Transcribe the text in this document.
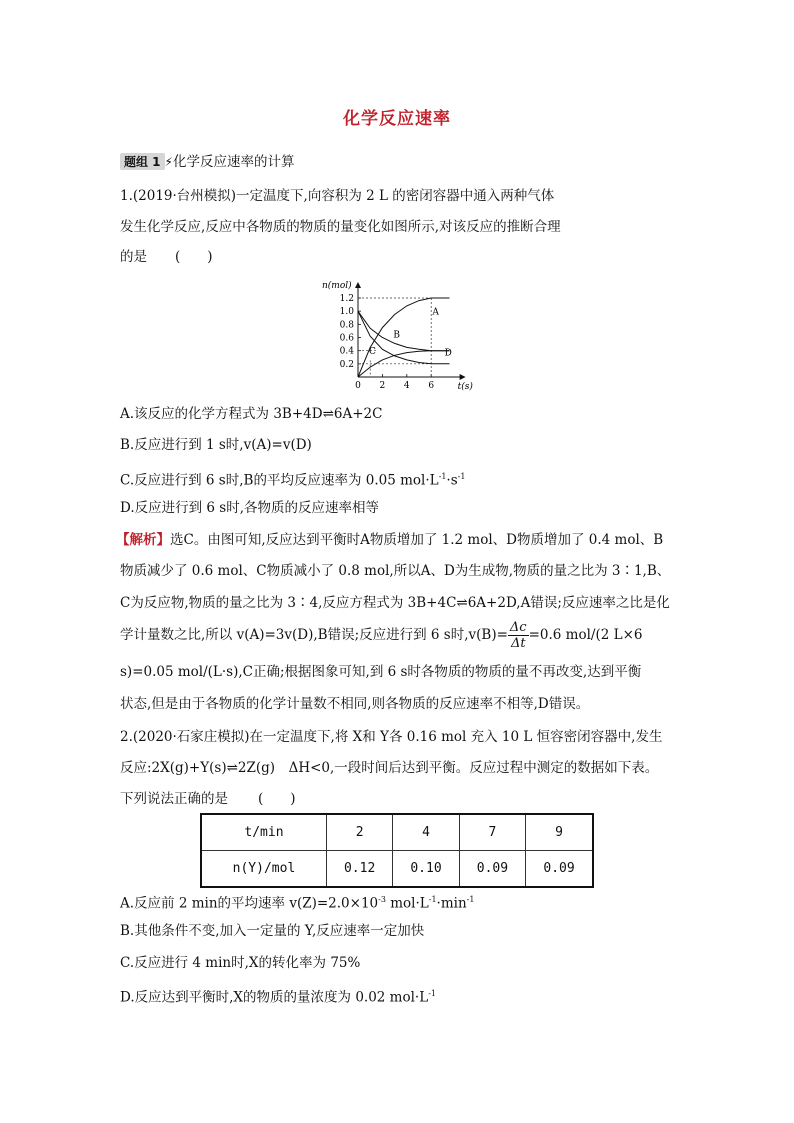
化学反应速率
题组 1 ⚡化学反应速率的计算
1.(2019·台州模拟)一定温度下,向容积为 2 L 的密闭容器中通入两种气体
发生化学反应,反应中各物质的物质的量变化如图所示,对该反应的推断合理
的是 (　　)
n(mol)
t(s)
0.2
0.4
0.6
0.8
1.0
1.2
0 2 4 6
A
B
C	D
A.该反应的化学方程式为 3B+4D⇌6A+2C
B.反应进行到 1 s时,v(A)=v(D)
C.反应进行到 6 s时,B的平均反应速率为 0.05 $mol\cdot L^{-1}\cdot s^{-1}$
D.反应进行到 6 s时,各物质的反应速率相等
【解析】选C。由图可知,反应达到平衡时A物质增加了 1.2 mol、D物质增加了 0.4 mol、B
物质减少了 0.6 mol、C物质减小了 0.8 mol,所以A、D为生成物,物质的量之比为 3∶1,B、
C为反应物,物质的量之比为 3∶4,反应方程式为 3B+4C⇌6A+2D,A错误;反应速率之比是化
学计量数之比,所以 v(A)=3v(D),B错误;反应进行到 6 s时$,v(B)= \frac{\Delta c}{\Delta t} =0.6$ mol/(2 L×6
s)=0.05 mol/(L·s),C正确;根据图象可知,到 6 s时各物质的物质的量不再改变,达到平衡
状态,但是由于各物质的化学计量数不相同,则各物质的反应速率不相等,D错误。
2.(2020·石家庄模拟)在一定温度下,将 X和 Y各 0.16 mol 充入 10 L 恒容密闭容器中,发生
反应:2X(g)+Y(s)⇌2Z(g)　ΔH<0,一段时间后达到平衡。反应过程中测定的数据如下表。
下列说法正确的是 (　　)
t/min	2	4	7	9
n(Y)/mol	0.12	0.10	0.09	0.09
A.反应前 2 min的平均速率 $v(Z)=2.0\times 10^{-3}$ $mol\cdot L^{-1}\cdot\min^{-1}$
B.其他条件不变,加入一定量的 Y,反应速率一定加快
C.反应进行 4 min时,X的转化率为 75%
D.反应达到平衡时,X的物质的量浓度为 0.02 $mol\cdot L^{-1}$
